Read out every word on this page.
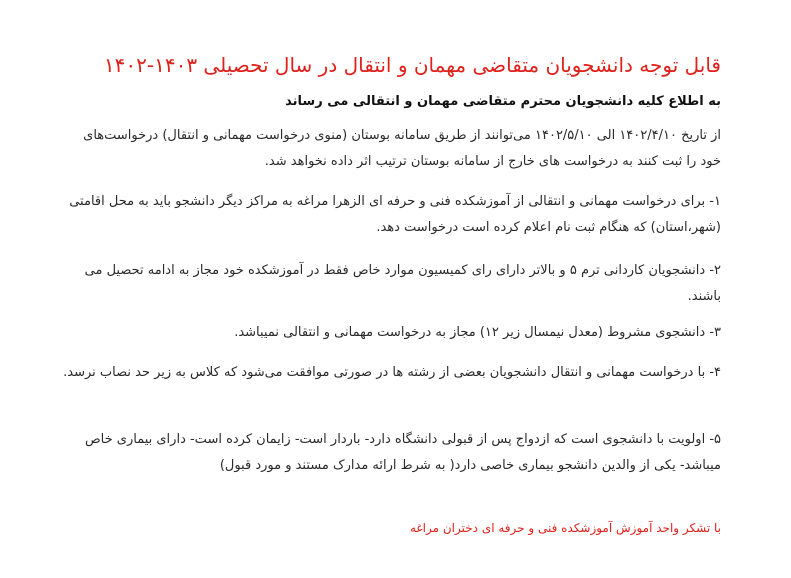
قابل توجه دانشجویان متقاضی مهمان و انتقال در سال تحصیلی ۱۴۰۳-۱۴۰۲
به اطلاع کلیه دانشجویان محترم متقاضی مهمان و انتقالی می رساند
از تاریخ ۱۴۰۲/۴/۱۰ الی ۱۴۰۲/۵/۱۰ می‌توانند از طریق سامانه بوستان (منوی درخواست مهمانی و انتقال) درخواست‌های خود را ثبت کنند به درخواست های خارج از سامانه بوستان ترتیب اثر داده نخواهد شد.
۱- برای درخواست مهمانی و انتقالی از آموزشکده فنی و حرفه ای الزهرا مراغه به مراکز دیگر دانشجو باید به محل اقامتی (شهر،استان) که هنگام ثبت نام اعلام کرده است درخواست دهد.
۲- دانشجویان کاردانی ترم ۵ و بالاتر دارای رای کمیسیون موارد خاص فقط در آموزشکده خود مجاز به ادامه تحصیل می باشند.
۳- دانشجوی مشروط (معدل نیمسال زیر ۱۲) مجاز به درخواست مهمانی و انتقالی نمیباشد.
۴- با درخواست مهمانی و انتقال دانشجویان بعضی از رشته ها در صورتی موافقت می‌شود که کلاس به زیر حد نصاب نرسد.
۵- اولویت با دانشجوی است که ازدواج پس از قبولی دانشگاه دارد- باردار است- زایمان کرده است- دارای بیماری خاص میباشد- یکی از والدین دانشجو بیماری خاصی دارد( به شرط ارائه مدارک مستند و مورد قبول)
با تشکر واحد آموزش آموزشکده فنی و حرفه ای دختران مراغه
